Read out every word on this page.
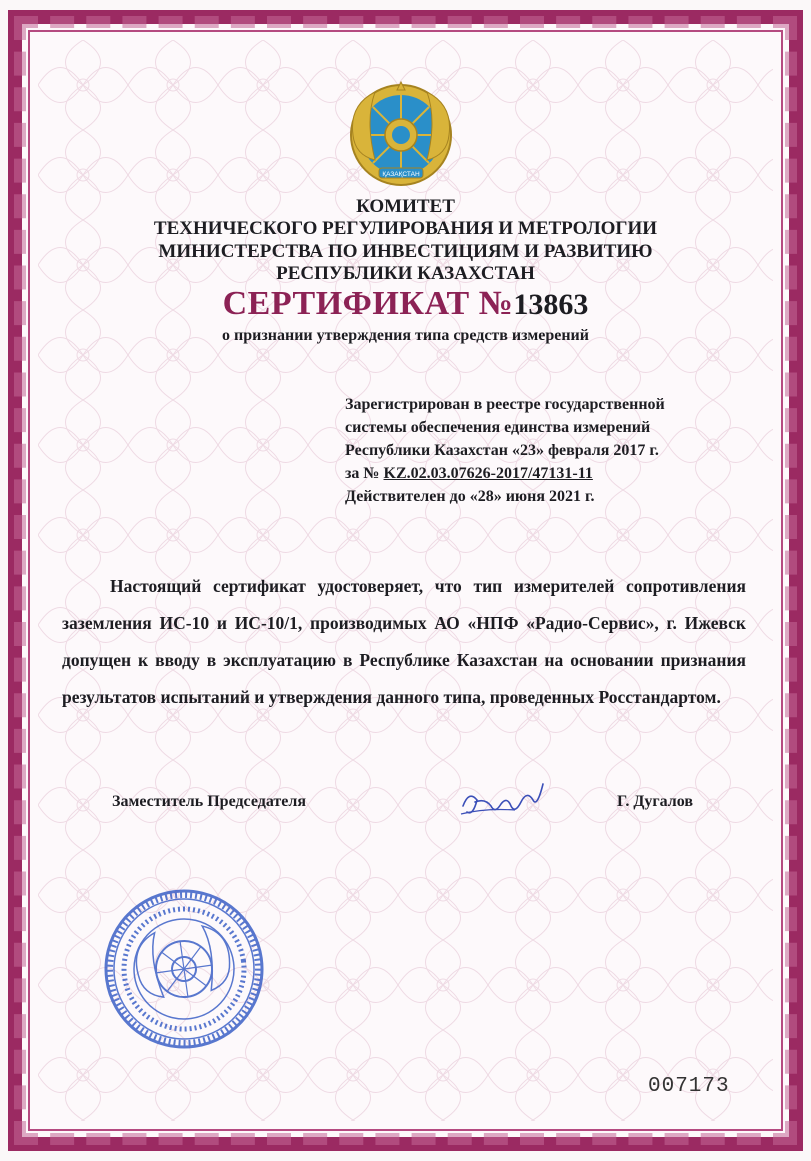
ҚАЗАҚСТАН
КОМИТЕТ
ТЕХНИЧЕСКОГО РЕГУЛИРОВАНИЯ И МЕТРОЛОГИИ
МИНИСТЕРСТВА ПО ИНВЕСТИЦИЯМ И РАЗВИТИЮ
РЕСПУБЛИКИ КАЗАХСТАН
СЕРТИФИКАТ №13863
о признании утверждения типа средств измерений
Зарегистрирован в реестре государственной
системы обеспечения единства измерений
Республики Казахстан «23» февраля 2017 г.
за № KZ.02.03.07626-2017/47131-11
Действителен до «28» июня 2021 г.

Настоящий сертификат удостоверяет, что тип измерителей сопротивления заземления ИС-10 и ИС-10/1, производимых АО «НПФ «Радио-Сервис», г. Ижевск допущен к вводу в эксплуатацию в Республике Казахстан на основании признания результатов испытаний и утверждения данного типа, проведенных Росстандартом.

Заместитель Председателя	Г. Дугалов
007173
